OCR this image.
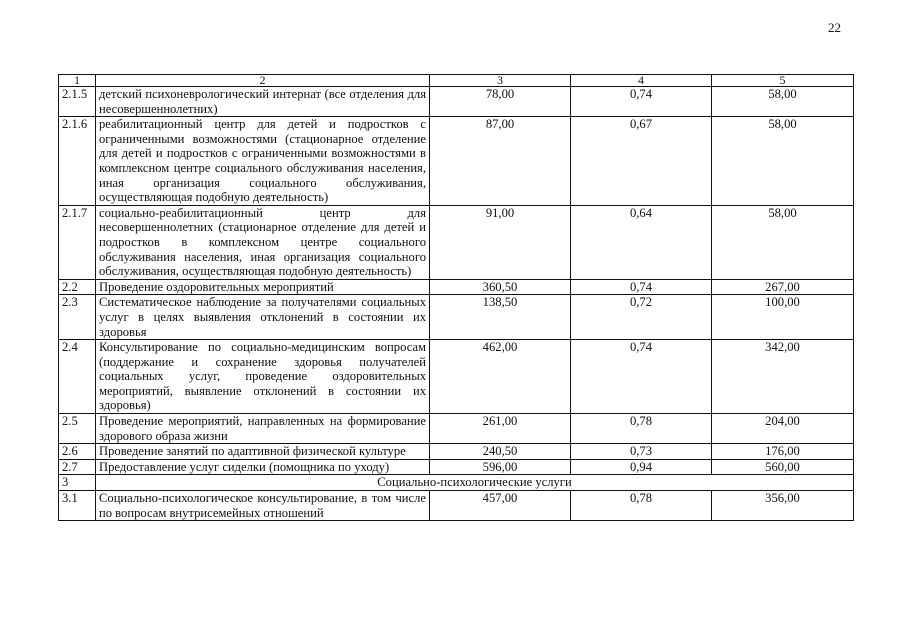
22
1	2	3	4	5
2.1.5	детский психоневрологический интернат (все отделения для несовершеннолетних)	78,00	0,74	58,00
2.1.6	реабилитационный центр для детей и подростков с ограниченными возможностями (стационарное отделение для детей и подростков с ограниченными возможностями в комплексном центре социального обслуживания населения, иная организация социального обслуживания, осуществляющая подобную деятельность)	87,00	0,67	58,00
2.1.7	социально-реабилитационный центр для несовершеннолетних (стационарное отделение для детей и подростков в комплексном центре социального обслуживания населения, иная организация социального обслуживания, осуществляющая подобную деятельность)	91,00	0,64	58,00
2.2	Проведение оздоровительных мероприятий	360,50	0,74	267,00
2.3	Систематическое наблюдение за получателями социальных услуг в целях выявления отклонений в состоянии их здоровья	138,50	0,72	100,00
2.4	Консультирование по социально-медицинским вопросам (поддержание и сохранение здоровья получателей социальных услуг, проведение оздоровительных мероприятий, выявление отклонений в состоянии их здоровья)	462,00	0,74	342,00
2.5	Проведение мероприятий, направленных на формирование здорового образа жизни	261,00	0,78	204,00
2.6	Проведение занятий по адаптивной физической культуре	240,50	0,73	176,00
2.7	Предоставление услуг сиделки (помощника по уходу)	596,00	0,94	560,00
3	Социально-психологические услуги			
3.1	Социально-психологическое консультирование, в том числе по вопросам внутрисемейных отношений	457,00	0,78	356,00
